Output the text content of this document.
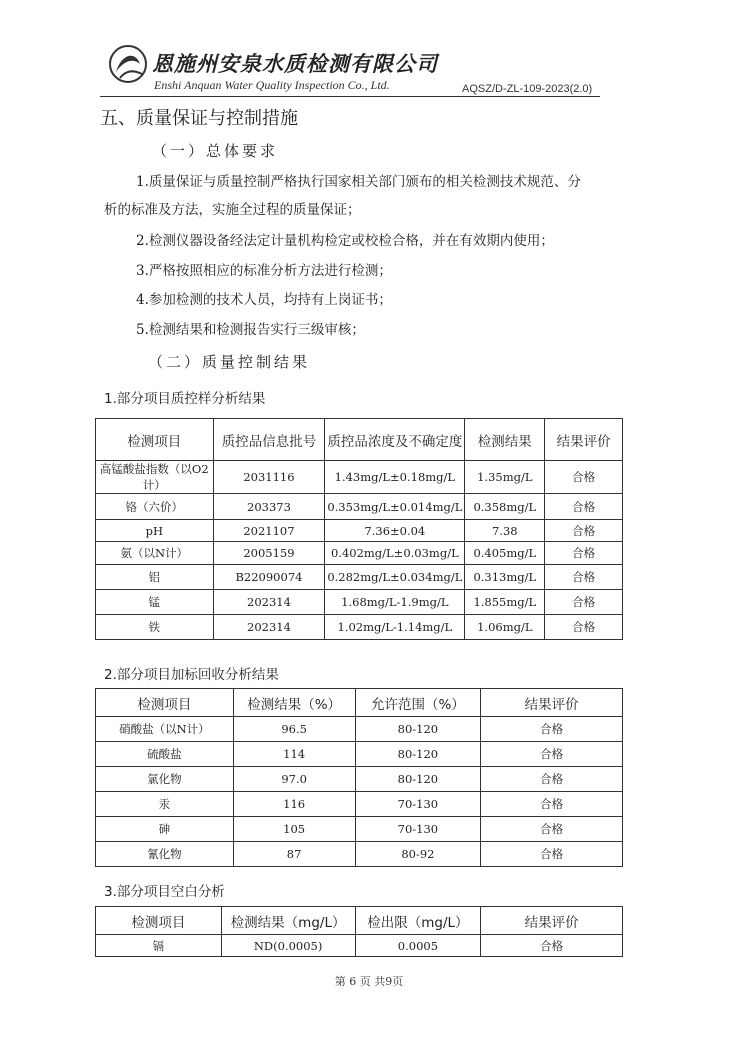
恩施州安泉水质检测有限公司
Enshi Anquan Water Quality Inspection Co., Ltd.	AQSZ/D-ZL-109-2023(2.0)
五、质量保证与控制措施
（一）总体要求
1.质量保证与质量控制严格执行国家相关部门颁布的相关检测技术规范、分
析的标准及方法，实施全过程的质量保证；
2.检测仪器设备经法定计量机构检定或校检合格，并在有效期内使用；
3.严格按照相应的标准分析方法进行检测；
4.参加检测的技术人员，均持有上岗证书；
5.检测结果和检测报告实行三级审核；
（二）质量控制结果
1.部分项目质控样分析结果
检测项目	质控品信息批号	质控品浓度及不确定度	检测结果	结果评价
高锰酸盐指数（以O2计）	2031116	1.43mg/L±0.18mg/L	1.35mg/L	合格
铬（六价）	203373	0.353mg/L±0.014mg/L	0.358mg/L	合格
pH	2021107	7.36±0.04	7.38	合格
氨（以N计）	2005159	0.402mg/L±0.03mg/L	0.405mg/L	合格
铝	B22090074	0.282mg/L±0.034mg/L	0.313mg/L	合格
锰	202314	1.68mg/L-1.9mg/L	1.855mg/L	合格
铁	202314	1.02mg/L-1.14mg/L	1.06mg/L	合格
2.部分项目加标回收分析结果
检测项目	检测结果（%）	允许范围（%）	结果评价
硝酸盐（以N计）	96.5	80-120	合格
硫酸盐	114	80-120	合格
氯化物	97.0	80-120	合格
汞	116	70-130	合格
砷	105	70-130	合格
氰化物	87	80-92	合格
3.部分项目空白分析
检测项目	检测结果（mg/L）	检出限（mg/L）	结果评价
镉	ND(0.0005)	0.0005	合格
第 6 页 共9页
